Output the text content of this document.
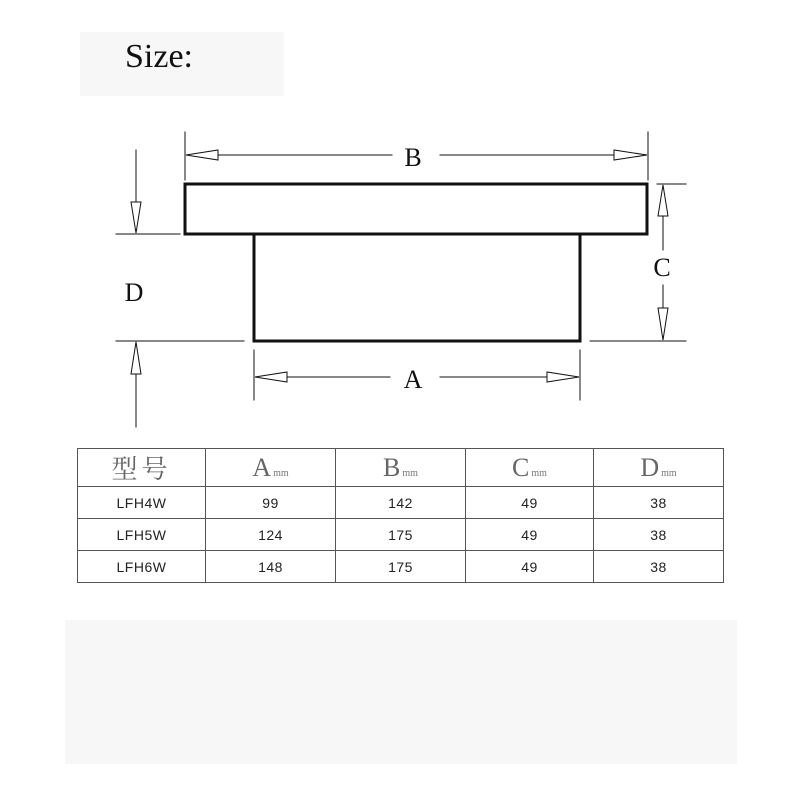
Size:
B
A
C
D
型号	A mm	B mm	C mm	D mm
LFH4W	99	142	49	38
LFH5W	124	175	49	38
LFH6W	148	175	49	38
